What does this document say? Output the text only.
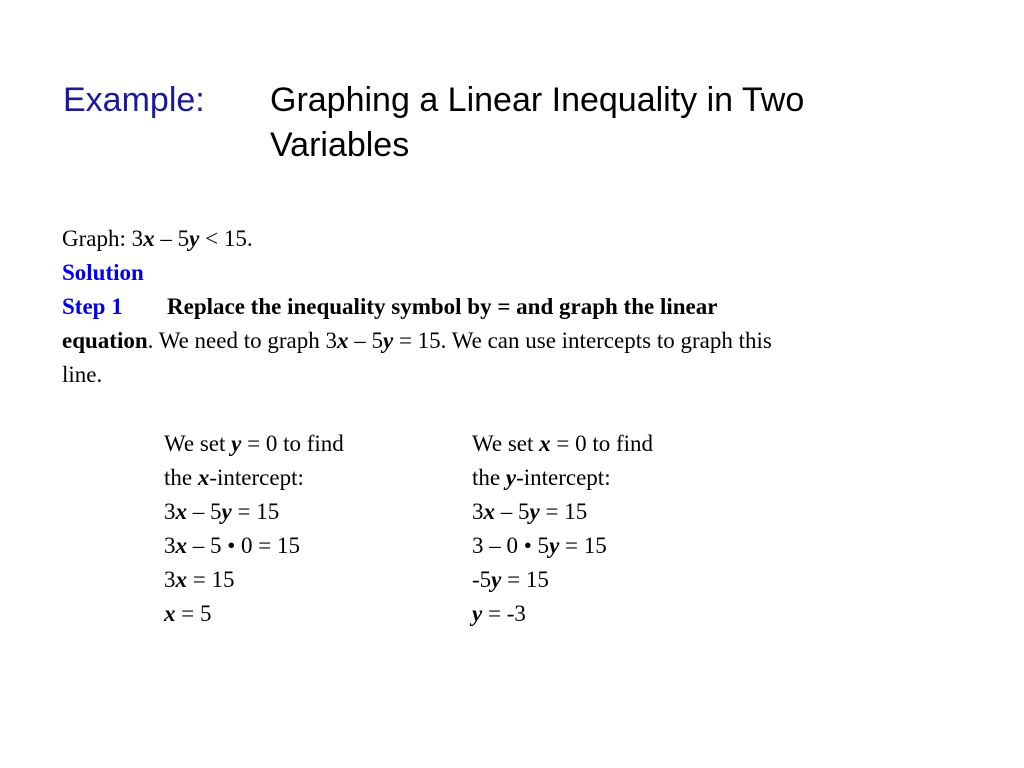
Example: Graphing a Linear Inequality in Two Variables
Graph: 3x – 5y < 15.
Solution
Step 1 Replace the inequality symbol by = and graph the linear
equation. We need to graph 3x – 5y = 15. We can use intercepts to graph this
line.
We set y = 0 to find
the x-intercept:
3x – 5y = 15
3x – 5 • 0 = 15
3x = 15
x = 5
We set x = 0 to find
the y-intercept:
3x – 5y = 15
3 – 0 • 5y = 15
-5y = 15
y = -3
